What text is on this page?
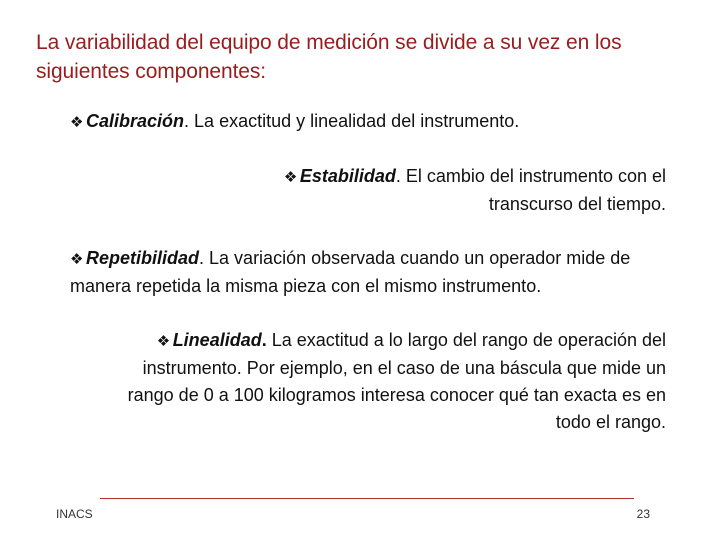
La variabilidad del equipo de medición se divide a su vez en los siguientes componentes:
❖ Calibración. La exactitud y linealidad del instrumento.
❖ Estabilidad. El cambio del instrumento con el transcurso del tiempo.
❖ Repetibilidad. La variación observada cuando un operador mide de manera repetida la misma pieza con el mismo instrumento.
❖ Linealidad. La exactitud a lo largo del rango de operación del instrumento. Por ejemplo, en el caso de una báscula que mide un rango de 0 a 100 kilogramos interesa conocer qué tan exacta es en todo el rango.
INACS	23
